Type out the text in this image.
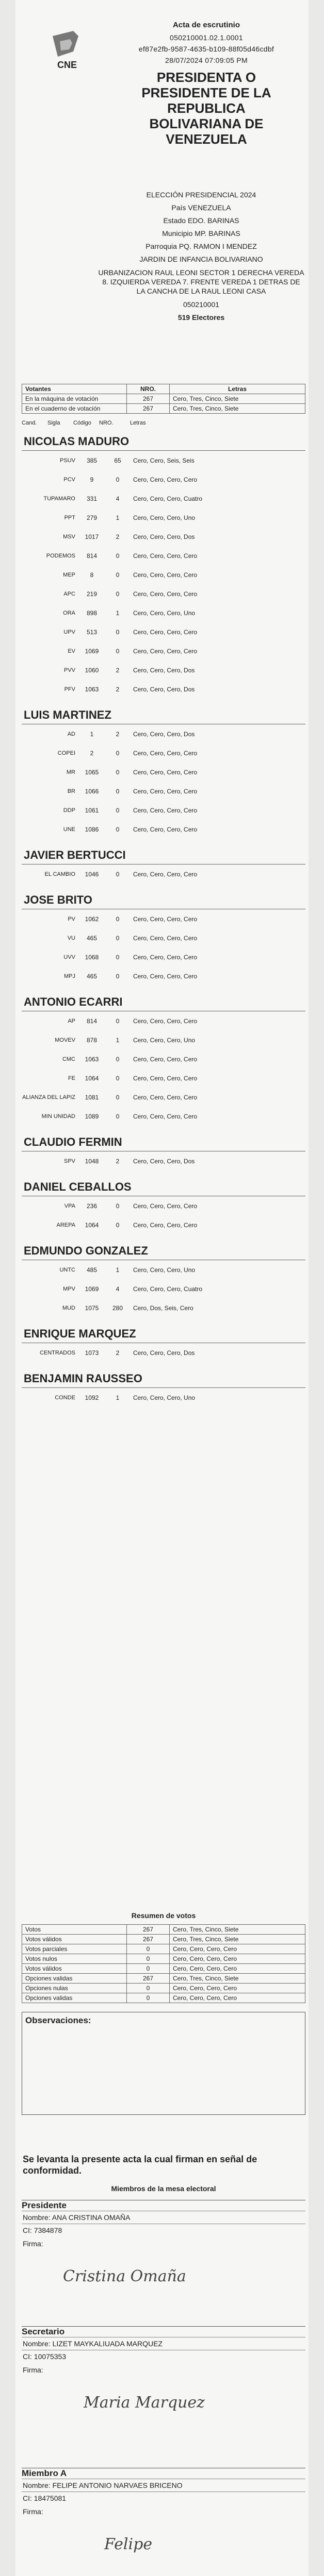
CNE
Acta de escrutinio
050210001.02.1.0001
ef87e2fb-9587-4635-b109-88f05d46cdbf
28/07/2024 07:09:05 PM
PRESIDENTA O
PRESIDENTE DE LA
REPUBLICA
BOLIVARIANA DE
VENEZUELA
ELECCIÓN PRESIDENCIAL 2024
País VENEZUELA
Estado EDO. BARINAS
Municipio MP. BARINAS
Parroquia PQ. RAMON I MENDEZ
JARDIN DE INFANCIA BOLIVARIANO
URBANIZACION RAUL LEONI SECTOR 1 DERECHA VEREDA 8. IZQUIERDA VEREDA 7. FRENTE VEREDA 1 DETRAS DE LA CANCHA DE LA RAUL LEONI CASA
050210001
519 Electores
Votantes	NRO.	Letras
En la máquina de votación	267	Cero, Tres, Cinco, Siete
En el cuaderno de votación	267	Cero, Tres, Cinco, Siete
Cand.	Sigla	Código	NRO.	Letras
NICOLAS MADURO
PSUV	385	65	Cero, Cero, Seis, Seis
PCV	9	0	Cero, Cero, Cero, Cero
TUPAMARO	331	4	Cero, Cero, Cero, Cuatro
PPT	279	1	Cero, Cero, Cero, Uno
MSV	1017	2	Cero, Cero, Cero, Dos
PODEMOS	814	0	Cero, Cero, Cero, Cero
MEP	8	0	Cero, Cero, Cero, Cero
APC	219	0	Cero, Cero, Cero, Cero
ORA	898	1	Cero, Cero, Cero, Uno
UPV	513	0	Cero, Cero, Cero, Cero
EV	1069	0	Cero, Cero, Cero, Cero
PVV	1060	2	Cero, Cero, Cero, Dos
PFV	1063	2	Cero, Cero, Cero, Dos
LUIS MARTINEZ
AD	1	2	Cero, Cero, Cero, Dos
COPEI	2	0	Cero, Cero, Cero, Cero
MR	1065	0	Cero, Cero, Cero, Cero
BR	1066	0	Cero, Cero, Cero, Cero
DDP	1061	0	Cero, Cero, Cero, Cero
UNE	1086	0	Cero, Cero, Cero, Cero
JAVIER BERTUCCI
EL CAMBIO	1046	0	Cero, Cero, Cero, Cero
JOSE BRITO
PV	1062	0	Cero, Cero, Cero, Cero
VU	465	0	Cero, Cero, Cero, Cero
UVV	1068	0	Cero, Cero, Cero, Cero
MPJ	465	0	Cero, Cero, Cero, Cero
ANTONIO ECARRI
AP	814	0	Cero, Cero, Cero, Cero
MOVEV	878	1	Cero, Cero, Cero, Uno
CMC	1063	0	Cero, Cero, Cero, Cero
FE	1064	0	Cero, Cero, Cero, Cero
ALIANZA DEL LAPIZ	1081	0	Cero, Cero, Cero, Cero
MIN UNIDAD	1089	0	Cero, Cero, Cero, Cero
CLAUDIO FERMIN
SPV	1048	2	Cero, Cero, Cero, Dos
DANIEL CEBALLOS
VPA	236	0	Cero, Cero, Cero, Cero
AREPA	1064	0	Cero, Cero, Cero, Cero
EDMUNDO GONZALEZ
UNTC	485	1	Cero, Cero, Cero, Uno
MPV	1069	4	Cero, Cero, Cero, Cuatro
MUD	1075	280	Cero, Dos, Seis, Cero
ENRIQUE MARQUEZ
CENTRADOS	1073	2	Cero, Cero, Cero, Dos
BENJAMIN RAUSSEO
CONDE	1092	1	Cero, Cero, Cero, Uno
Resumen de votos
Votos	267	Cero, Tres, Cinco, Siete
Votos válidos	267	Cero, Tres, Cinco, Siete
Votos parciales	0	Cero, Cero, Cero, Cero
Votos nulos	0	Cero, Cero, Cero, Cero
Votos válidos	0	Cero, Cero, Cero, Cero
Opciones validas	267	Cero, Tres, Cinco, Siete
Opciones nulas	0	Cero, Cero, Cero, Cero
Opciones validas	0	Cero, Cero, Cero, Cero
Observaciones:
Se levanta la presente acta la cual firman en señal de conformidad.
Miembros de la mesa electoral
Presidente
Nombre: ANA CRISTINA OMAÑA
CI: 7384878
Firma:
Cristina Omaña
Secretario
Nombre: LIZET MAYKALIUADA MARQUEZ
CI: 10075353
Firma:
Maria Marquez
Miembro A
Nombre: FELIPE ANTONIO NARVAES BRICENO
CI: 18475081
Firma:
Felipe
